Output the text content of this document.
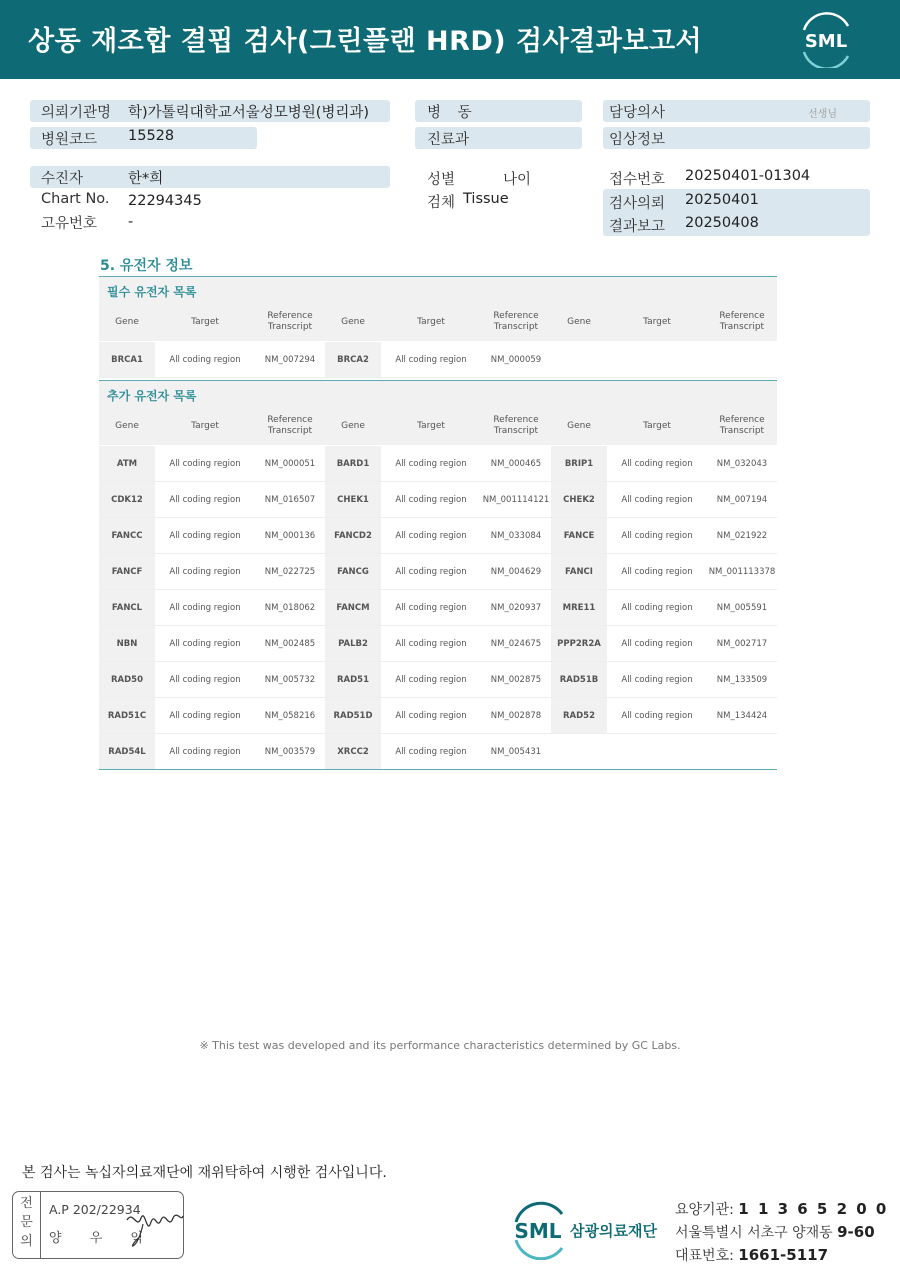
상동 재조합 결핍 검사(그린플랜 HRD) 검사결과보고서	SML
의뢰기관명 학)가톨릭대학교서울성모병원(병리과)
병원코드 15528
병 동
진료과
담당의사	선생님
임상정보
수진자	한*희
Chart No. 22294345
고유번호 -
성별	나이
검체 Tissue
접수번호 20250401-01304
검사의뢰 20250401
결과보고 20250408
5. 유전자 정보
필수 유전자 목록
Gene	Target	Reference Transcript	Gene	Target	Reference Transcript	Gene	Target	Reference Transcript
BRCA1	All coding region	NM_007294	BRCA2	All coding region	NM_000059			
추가 유전자 목록
Gene	Target	Reference Transcript	Gene	Target	Reference Transcript	Gene	Target	Reference Transcript
ATM	All coding region	NM_000051	BARD1	All coding region	NM_000465	BRIP1	All coding region	NM_032043
CDK12	All coding region	NM_016507	CHEK1	All coding region	NM_001114121	CHEK2	All coding region	NM_007194
FANCC	All coding region	NM_000136	FANCD2	All coding region	NM_033084	FANCE	All coding region	NM_021922
FANCF	All coding region	NM_022725	FANCG	All coding region	NM_004629	FANCI	All coding region	NM_001113378
FANCL	All coding region	NM_018062	FANCM	All coding region	NM_020937	MRE11	All coding region	NM_005591
NBN	All coding region	NM_002485	PALB2	All coding region	NM_024675	PPP2R2A	All coding region	NM_002717
RAD50	All coding region	NM_005732	RAD51	All coding region	NM_002875	RAD51B	All coding region	NM_133509
RAD51C	All coding region	NM_058216	RAD51D	All coding region	NM_002878	RAD52	All coding region	NM_134424
RAD54L	All coding region	NM_003579	XRCC2	All coding region	NM_005431			
※ This test was developed and its performance characteristics determined by GC Labs.
본 검사는 녹십자의료재단에 재위탁하여 시행한 검사입니다.
전문의
A.P 202/22934
양 우 익	SML 삼광의료재단
요양기관: 1 1 3 6 5 2 0 0
서울특별시 서초구 양재동 9-60
대표번호: 1661-5117
